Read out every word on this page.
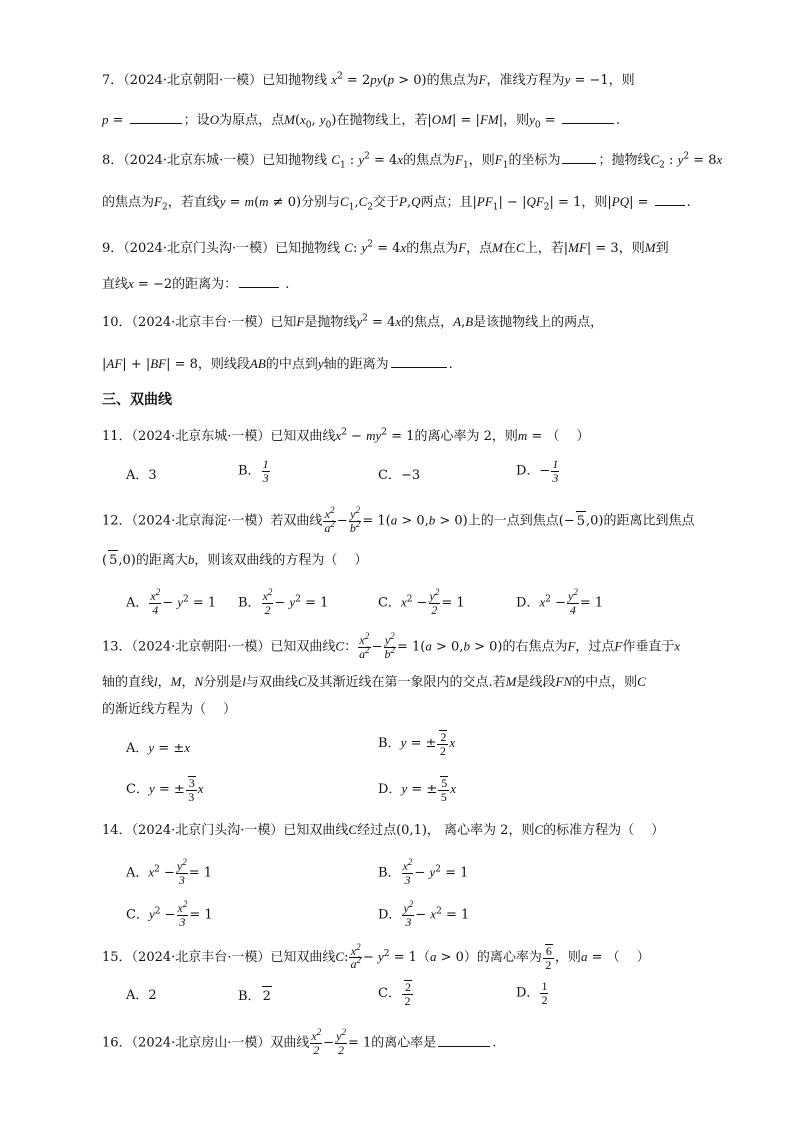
7．（2024·北京朝阳·一模）已知抛物线 $x^2 = 2py(p > 0)$的焦点为F，准线方程为y = −1，则
p =	；设O为原点，点$M(x_0$, $y_0$)在抛物线上，若|OM| = |FM|，则$y_0$ =	.
8．（2024·北京东城·一模）已知抛物线 $C_1$ : $y^2 = 4x$的焦点为$F_1$，则$F_1$的坐标为	；抛物线$C_2$ : $y^2 = 8x$
的焦点为$F_2$，若直线y = m(m ≠ 0)分别与$C_1,C_2$交于P,Q两点；且$|PF_1| - |QF_2| = 1$，则|PQ| =	.
9．（2024·北京门头沟·一模）已知抛物线 C: $y^2 = 4x$的焦点为F，点M在C上，若|MF| = 3，则M到
直线x = −2的距离为：	.
10．（2024·北京丰台·一模）已知F是抛物线$y^2 = 4x$的焦点，A,B是该抛物线上的两点，
|AF| + |BF| = 8，则线段AB的中点到y轴的距离为	.
三、双曲线
11．（2024·北京东城·一模）已知双曲线$x^2 - my^2 = 1$的离心率为 2，则m = （　 ）
A．3	B． $\frac{1}{3}$	C．−3	D．− $\frac{1}{3}$
12．（2024·北京海淀·一模）若双曲线 $\frac{x^2}{a^2} - \frac{y^2}{b^2} = 1(a > 0,b > 0)$上的一点到焦点(− 5,0)的距离比到焦点
( 5,0)的距离大b，则该双曲线的方程为（　 ）
A． $\frac{x^2}{4} - y^2 = 1$ B． $\frac{x^2}{2} - y^2 = 1$	C．$x^2 - \frac{y^2}{2} = 1$	D．$x^2 - \frac{y^2}{4} = 1$
13．（2024·北京朝阳·一模）已知双曲线C： $\frac{x^2}{a^2} - \frac{y^2}{b^2} = 1(a > 0,b > 0)$的右焦点为F，过点F作垂直于x
轴的直线l，M，N分别是l与双曲线C及其渐近线在第一象限内的交点.若M是线段FN的中点，则C
的渐近线方程为（　 ）
A．y = ±x	B．y = ± $\frac{2}{2}$ x
C．y = ± $\frac{3}{3}$ x	D．y = ± $\frac{5}{5}$ x
14．（2024·北京门头沟·一模）已知双曲线C经过点(0,1)， 离心率为 2，则C的标准方程为（　 ）
A．$x^2 - \frac{y^2}{3} = 1$	B． $\frac{x^2}{3} - y^2 = 1$
C．$y^2 - \frac{x^2}{3} = 1$	D． $\frac{y^2}{3} - x^2 = 1$
15．（2024·北京丰台·一模）已知双曲线C: $\frac{x^2}{a^2} - y^2 = 1(a > 0)$的离心率为 $\frac{6}{2}$ ，则a = （　 ）
A．2	B． 2	C． $\frac{2}{2}$	D． $\frac{1}{2}$
16．（2024·北京房山·一模）双曲线 $\frac{x^2}{2} - \frac{y^2}{2} = 1$的离心率是	.
